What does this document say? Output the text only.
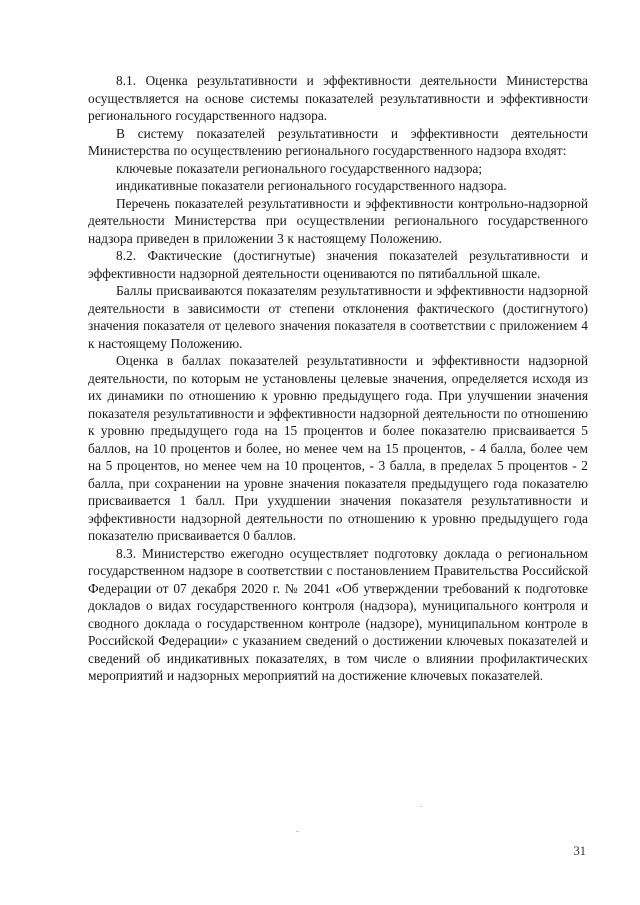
8.1. Оценка результативности и эффективности деятельности Министерства осуществляется на основе системы показателей результативности и эффективности регионального государственного надзора.

В систему показателей результативности и эффективности деятельности Министерства по осуществлению регионального государственного надзора входят:

ключевые показатели регионального государственного надзора;

индикативные показатели регионального государственного надзора.

Перечень показателей результативности и эффективности контрольно-надзорной деятельности Министерства при осуществлении регионального государственного надзора приведен в приложении 3 к настоящему Положению.

8.2. Фактические (достигнутые) значения показателей результативности и эффективности надзорной деятельности оцениваются по пятибалльной шкале.

Баллы присваиваются показателям результативности и эффективности надзорной деятельности в зависимости от степени отклонения фактического (достигнутого) значения показателя от целевого значения показателя в соответствии с приложением 4 к настоящему Положению.

Оценка в баллах показателей результативности и эффективности надзорной деятельности, по которым не установлены целевые значения, определяется исходя из их динамики по отношению к уровню предыдущего года. При улучшении значения показателя результативности и эффективности надзорной деятельности по отношению к уровню предыдущего года на 15 процентов и более показателю присваивается 5 баллов, на 10 процентов и более, но менее чем на 15 процентов, - 4 балла, более чем на 5 процентов, но менее чем на 10 процентов, - 3 балла, в пределах 5 процентов - 2 балла, при сохранении на уровне значения показателя предыдущего года показателю присваивается 1 балл. При ухудшении значения показателя результативности и эффективности надзорной деятельности по отношению к уровню предыдущего года показателю присваивается 0 баллов.

8.3. Министерство ежегодно осуществляет подготовку доклада о региональном государственном надзоре в соответствии с постановлением Правительства Российской Федерации от 07 декабря 2020 г. № 2041 «Об утверждении требований к подготовке докладов о видах государственного контроля (надзора), муниципального контроля и сводного доклада о государственном контроле (надзоре), муниципальном контроле в Российской Федерации» с указанием сведений о достижении ключевых показателей и сведений об индикативных показателях, в том числе о влиянии профилактических мероприятий и надзорных мероприятий на достижение ключевых показателей.

31
